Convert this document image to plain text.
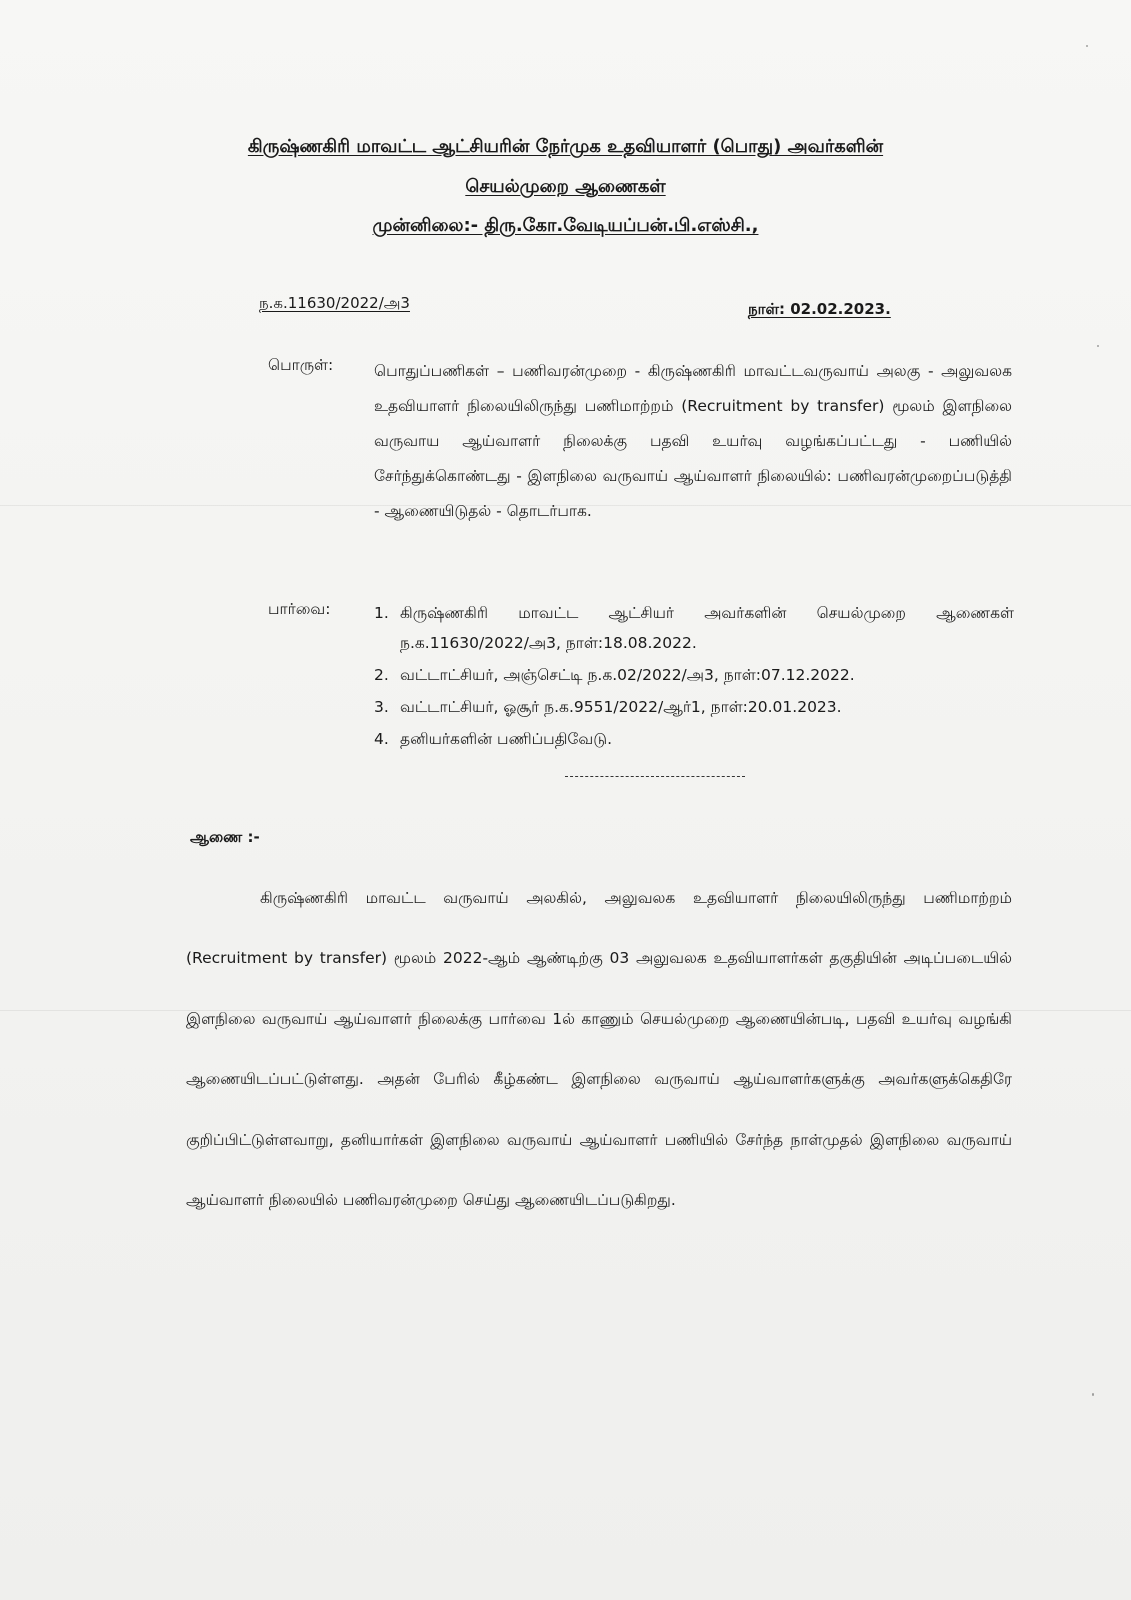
கிருஷ்ணகிரி மாவட்ட ஆட்சியரின் நேர்முக உதவியாளர் (பொது) அவர்களின்
செயல்முறை ஆணைகள்
முன்னிலை:- திரு.கோ.வேடியப்பன்.பி.எஸ்சி.,
ந.க.11630/2022/அ3	நாள்: 02.02.2023.
பொருள்:	பொதுப்பணிகள் – பணிவரன்முறை - கிருஷ்ணகிரி மாவட்டவருவாய் அலகு - அலுவலக உதவியாளர் நிலையிலிருந்து பணிமாற்றம் (Recruitment by transfer) மூலம் இளநிலை வருவாய ஆய்வாளர் நிலைக்கு பதவி உயர்வு வழங்கப்பட்டது - பணியில் சேர்ந்துக்கொண்டது - இளநிலை வருவாய் ஆய்வாளர் நிலையில்: பணிவரன்முறைப்படுத்தி - ஆணையிடுதல் - தொடர்பாக.
பார்வை:	1. கிருஷ்ணகிரி மாவட்ட ஆட்சியர் அவர்களின் செயல்முறை ஆணைகள் ந.க.11630/2022/அ3, நாள்:18.08.2022.
2. வட்டாட்சியர், அஞ்செட்டி ந.க.02/2022/அ3, நாள்:07.12.2022.
3. வட்டாட்சியர், ஓசூர் ந.க.9551/2022/ஆர்1, நாள்:20.01.2023.
4. தனியர்களின் பணிப்பதிவேடு.
ஆணை :-
கிருஷ்ணகிரி மாவட்ட வருவாய் அலகில், அலுவலக உதவியாளர் நிலையிலிருந்து பணிமாற்றம் (Recruitment by transfer) மூலம் 2022-ஆம் ஆண்டிற்கு 03 அலுவலக உதவியாளர்கள் தகுதியின் அடிப்படையில் இளநிலை வருவாய் ஆய்வாளர் நிலைக்கு பார்வை 1ல் காணும் செயல்முறை ஆணையின்படி, பதவி உயர்வு வழங்கி ஆணையிடப்பட்டுள்ளது. அதன் பேரில் கீழ்கண்ட இளநிலை வருவாய் ஆய்வாளர்களுக்கு அவர்களுக்கெதிரே குறிப்பிட்டுள்ளவாறு, தனியார்கள் இளநிலை வருவாய் ஆய்வாளர் பணியில் சேர்ந்த நாள்முதல் இளநிலை வருவாய் ஆய்வாளர் நிலையில் பணிவரன்முறை செய்து ஆணையிடப்படுகிறது.
